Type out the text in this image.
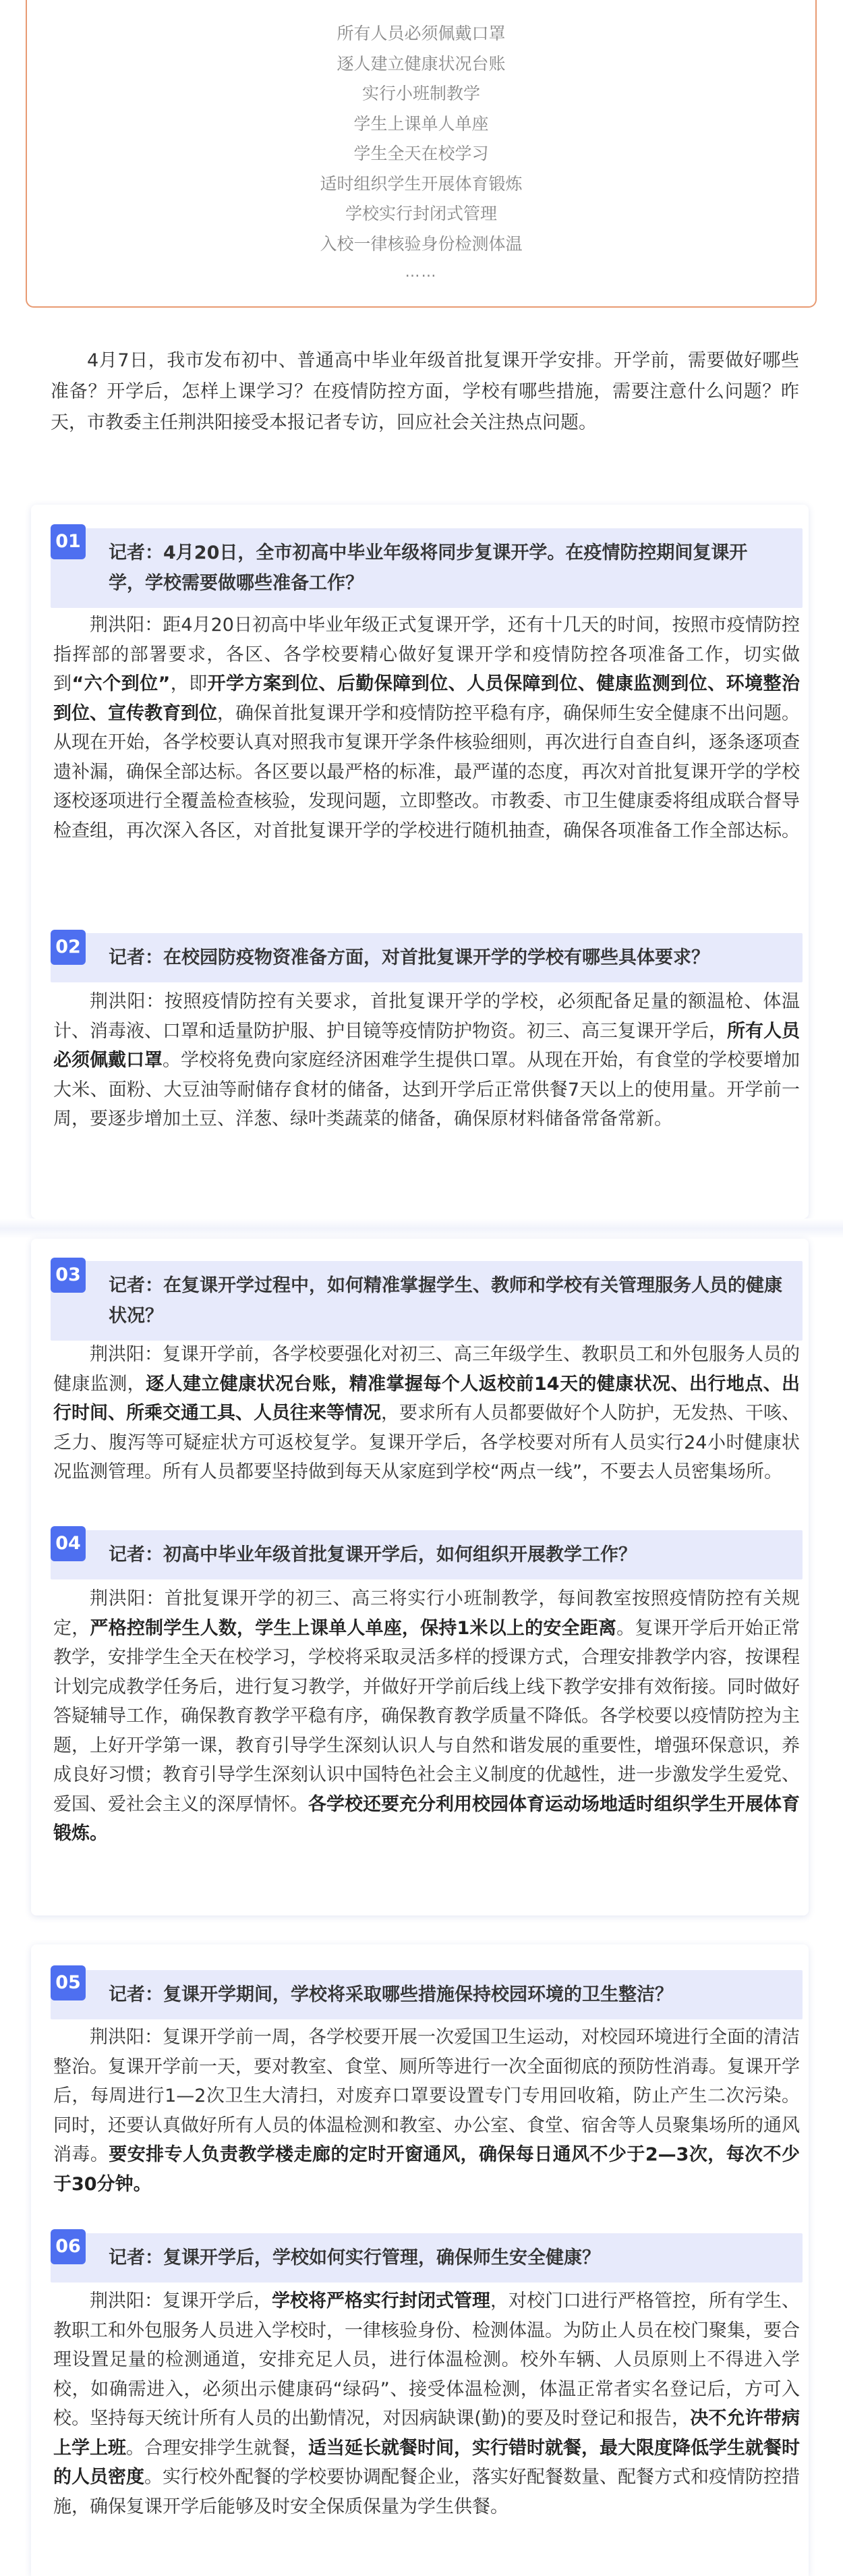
所有人员必须佩戴口罩
逐人建立健康状况台账
实行小班制教学
学生上课单人单座
学生全天在校学习
适时组织学生开展体育锻炼
学校实行封闭式管理
入校一律核验身份检测体温
……

4月7日，我市发布初中、普通高中毕业年级首批复课开学安排。开学前，需要做好哪些准备？开学后，怎样上课学习？在疫情防控方面，学校有哪些措施，需要注意什么问题？昨天，市教委主任荆洪阳接受本报记者专访，回应社会关注热点问题。

记者：4月20日，全市初高中毕业年级将同步复课开学。在疫情防控期间复课开学，学校需要做哪些准备工作？
01

荆洪阳：距4月20日初高中毕业年级正式复课开学，还有十几天的时间，按照市疫情防控指挥部的部署要求，各区、各学校要精心做好复课开学和疫情防控各项准备工作，切实做到“六个到位”，即开学方案到位、后勤保障到位、人员保障到位、健康监测到位、环境整治到位、宣传教育到位，确保首批复课开学和疫情防控平稳有序，确保师生安全健康不出问题。从现在开始，各学校要认真对照我市复课开学条件核验细则，再次进行自查自纠，逐条逐项查遗补漏，确保全部达标。各区要以最严格的标准，最严谨的态度，再次对首批复课开学的学校逐校逐项进行全覆盖检查核验，发现问题，立即整改。市教委、市卫生健康委将组成联合督导检查组，再次深入各区，对首批复课开学的学校进行随机抽查，确保各项准备工作全部达标。

记者：在校园防疫物资准备方面，对首批复课开学的学校有哪些具体要求？
02

荆洪阳：按照疫情防控有关要求，首批复课开学的学校，必须配备足量的额温枪、体温计、消毒液、口罩和适量防护服、护目镜等疫情防护物资。初三、高三复课开学后，所有人员必须佩戴口罩。学校将免费向家庭经济困难学生提供口罩。从现在开始，有食堂的学校要增加大米、面粉、大豆油等耐储存食材的储备，达到开学后正常供餐7天以上的使用量。开学前一周，要逐步增加土豆、洋葱、绿叶类蔬菜的储备，确保原材料储备常备常新。

记者：在复课开学过程中，如何精准掌握学生、教师和学校有关管理服务人员的健康状况？
03

荆洪阳：复课开学前，各学校要强化对初三、高三年级学生、教职员工和外包服务人员的健康监测，逐人建立健康状况台账，精准掌握每个人返校前14天的健康状况、出行地点、出行时间、所乘交通工具、人员往来等情况，要求所有人员都要做好个人防护，无发热、干咳、乏力、腹泻等可疑症状方可返校复学。复课开学后，各学校要对所有人员实行24小时健康状况监测管理。所有人员都要坚持做到每天从家庭到学校“两点一线”，不要去人员密集场所。

记者：初高中毕业年级首批复课开学后，如何组织开展教学工作？
04

荆洪阳：首批复课开学的初三、高三将实行小班制教学，每间教室按照疫情防控有关规定，严格控制学生人数，学生上课单人单座，保持1米以上的安全距离。复课开学后开始正常教学，安排学生全天在校学习，学校将采取灵活多样的授课方式，合理安排教学内容，按课程计划完成教学任务后，进行复习教学，并做好开学前后线上线下教学安排有效衔接。同时做好答疑辅导工作，确保教育教学平稳有序，确保教育教学质量不降低。各学校要以疫情防控为主题，上好开学第一课，教育引导学生深刻认识人与自然和谐发展的重要性，增强环保意识，养成良好习惯；教育引导学生深刻认识中国特色社会主义制度的优越性，进一步激发学生爱党、爱国、爱社会主义的深厚情怀。各学校还要充分利用校园体育运动场地适时组织学生开展体育锻炼。

记者：复课开学期间，学校将采取哪些措施保持校园环境的卫生整洁？
05

荆洪阳：复课开学前一周，各学校要开展一次爱国卫生运动，对校园环境进行全面的清洁整治。复课开学前一天，要对教室、食堂、厕所等进行一次全面彻底的预防性消毒。复课开学后，每周进行1—2次卫生大清扫，对废弃口罩要设置专门专用回收箱，防止产生二次污染。同时，还要认真做好所有人员的体温检测和教室、办公室、食堂、宿舍等人员聚集场所的通风消毒。要安排专人负责教学楼走廊的定时开窗通风，确保每日通风不少于2—3次，每次不少于30分钟。

记者：复课开学后，学校如何实行管理，确保师生安全健康？
06

荆洪阳：复课开学后，学校将严格实行封闭式管理，对校门口进行严格管控，所有学生、教职工和外包服务人员进入学校时，一律核验身份、检测体温。为防止人员在校门聚集，要合理设置足量的检测通道，安排充足人员，进行体温检测。校外车辆、人员原则上不得进入学校，如确需进入，必须出示健康码“绿码”、接受体温检测，体温正常者实名登记后，方可入校。坚持每天统计所有人员的出勤情况，对因病缺课(勤)的要及时登记和报告，决不允许带病上学上班。合理安排学生就餐，适当延长就餐时间，实行错时就餐，最大限度降低学生就餐时的人员密度。实行校外配餐的学校要协调配餐企业，落实好配餐数量、配餐方式和疫情防控措施，确保复课开学后能够及时安全保质保量为学生供餐。
